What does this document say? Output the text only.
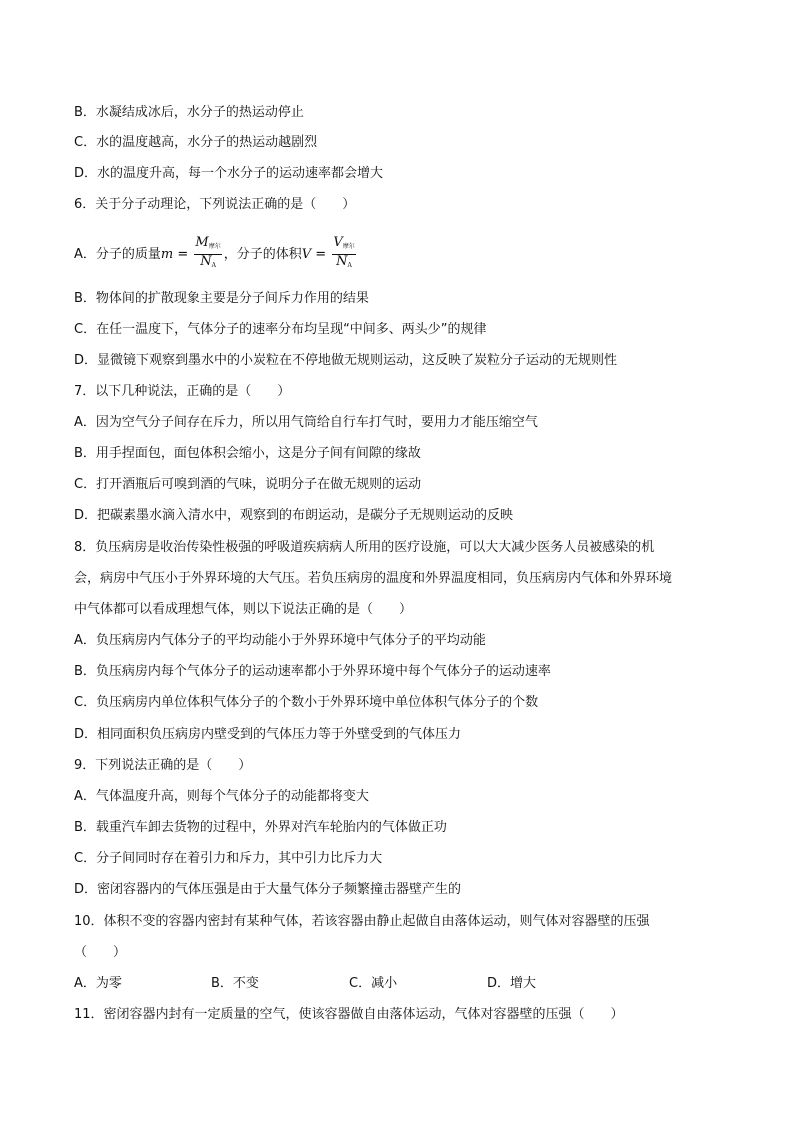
B．水凝结成冰后，水分子的热运动停止
C．水的温度越高，水分子的热运动越剧烈
D．水的温度升高，每一个水分子的运动速率都会增大
6．关于分子动理论，下列说法正确的是（　　）
A．分子的质量$m = \frac{M_{摩尔}}{N_A}$ ，分子的体积$V = \frac{V_{摩尔}}{N_A}$
B．物体间的扩散现象主要是分子间斥力作用的结果
C．在任一温度下，气体分子的速率分布均呈现“中间多、两头少”的规律
D．显微镜下观察到墨水中的小炭粒在不停地做无规则运动，这反映了炭粒分子运动的无规则性
7．以下几种说法，正确的是（　　）
A．因为空气分子间存在斥力，所以用气筒给自行车打气时，要用力才能压缩空气
B．用手捏面包，面包体积会缩小，这是分子间有间隙的缘故
C．打开酒瓶后可嗅到酒的气味，说明分子在做无规则的运动
D．把碳素墨水滴入清水中，观察到的布朗运动，是碳分子无规则运动的反映
8．负压病房是收治传染性极强的呼吸道疾病病人所用的医疗设施，可以大大减少医务人员被感染的机
会，病房中气压小于外界环境的大气压。若负压病房的温度和外界温度相同，负压病房内气体和外界环境
中气体都可以看成理想气体，则以下说法正确的是（　　）
A．负压病房内气体分子的平均动能小于外界环境中气体分子的平均动能
B．负压病房内每个气体分子的运动速率都小于外界环境中每个气体分子的运动速率
C．负压病房内单位体积气体分子的个数小于外界环境中单位体积气体分子的个数
D．相同面积负压病房内壁受到的气体压力等于外壁受到的气体压力
9．下列说法正确的是（　　）
A．气体温度升高，则每个气体分子的动能都将变大
B．载重汽车卸去货物的过程中，外界对汽车轮胎内的气体做正功
C．分子间同时存在着引力和斥力，其中引力比斥力大
D．密闭容器内的气体压强是由于大量气体分子频繁撞击器壁产生的
10．体积不变的容器内密封有某种气体，若该容器由静止起做自由落体运动，则气体对容器壁的压强
（　　）
A．为零	B．不变	C．减小	D．增大
11．密闭容器内封有一定质量的空气，使该容器做自由落体运动，气体对容器壁的压强（　　）
